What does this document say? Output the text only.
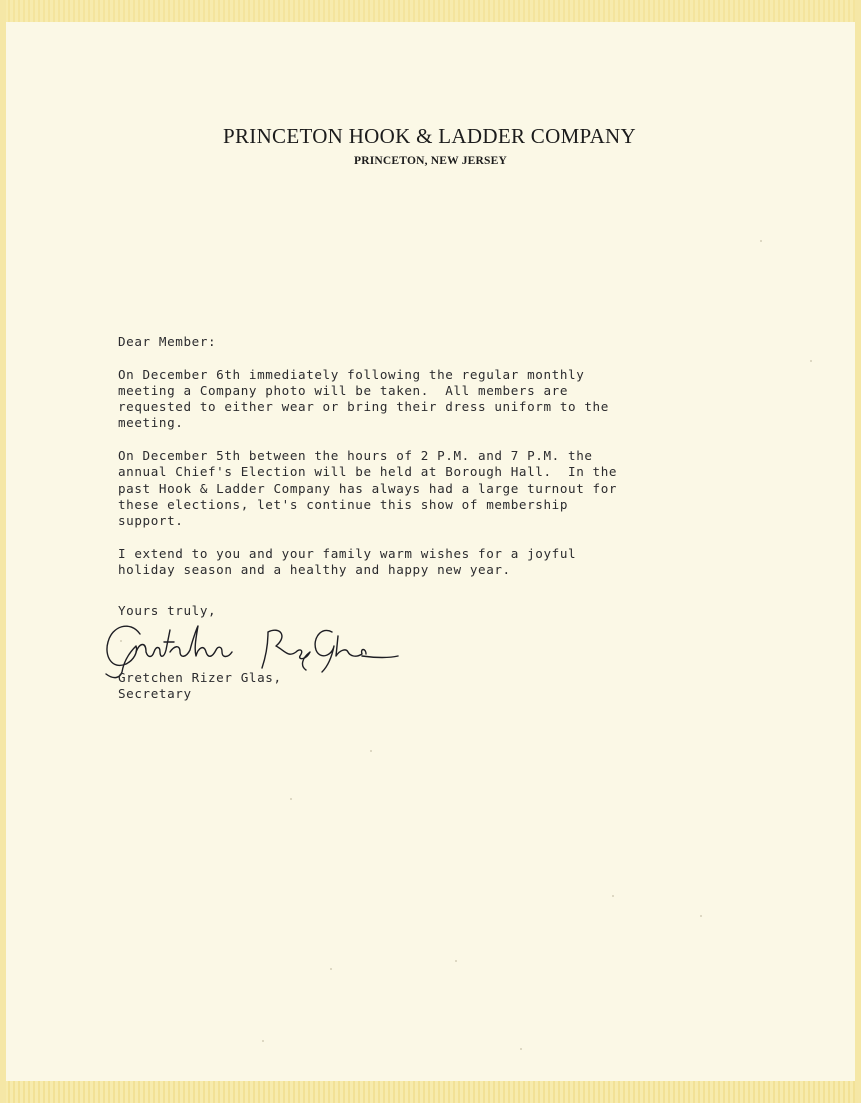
PRINCETON HOOK & LADDER COMPANY
PRINCETON, NEW JERSEY

Dear Member:

On December 6th immediately following the regular monthly
meeting a Company photo will be taken.  All members are
requested to either wear or bring their dress uniform to the
meeting.

On December 5th between the hours of 2 P.M. and 7 P.M. the
annual Chief's Election will be held at Borough Hall.  In the
past Hook & Ladder Company has always had a large turnout for
these elections, let's continue this show of membership
support.

I extend to you and your family warm wishes for a joyful
holiday season and a healthy and happy new year.

Yours truly,

Gretchen Rizer Glas,
Secretary
